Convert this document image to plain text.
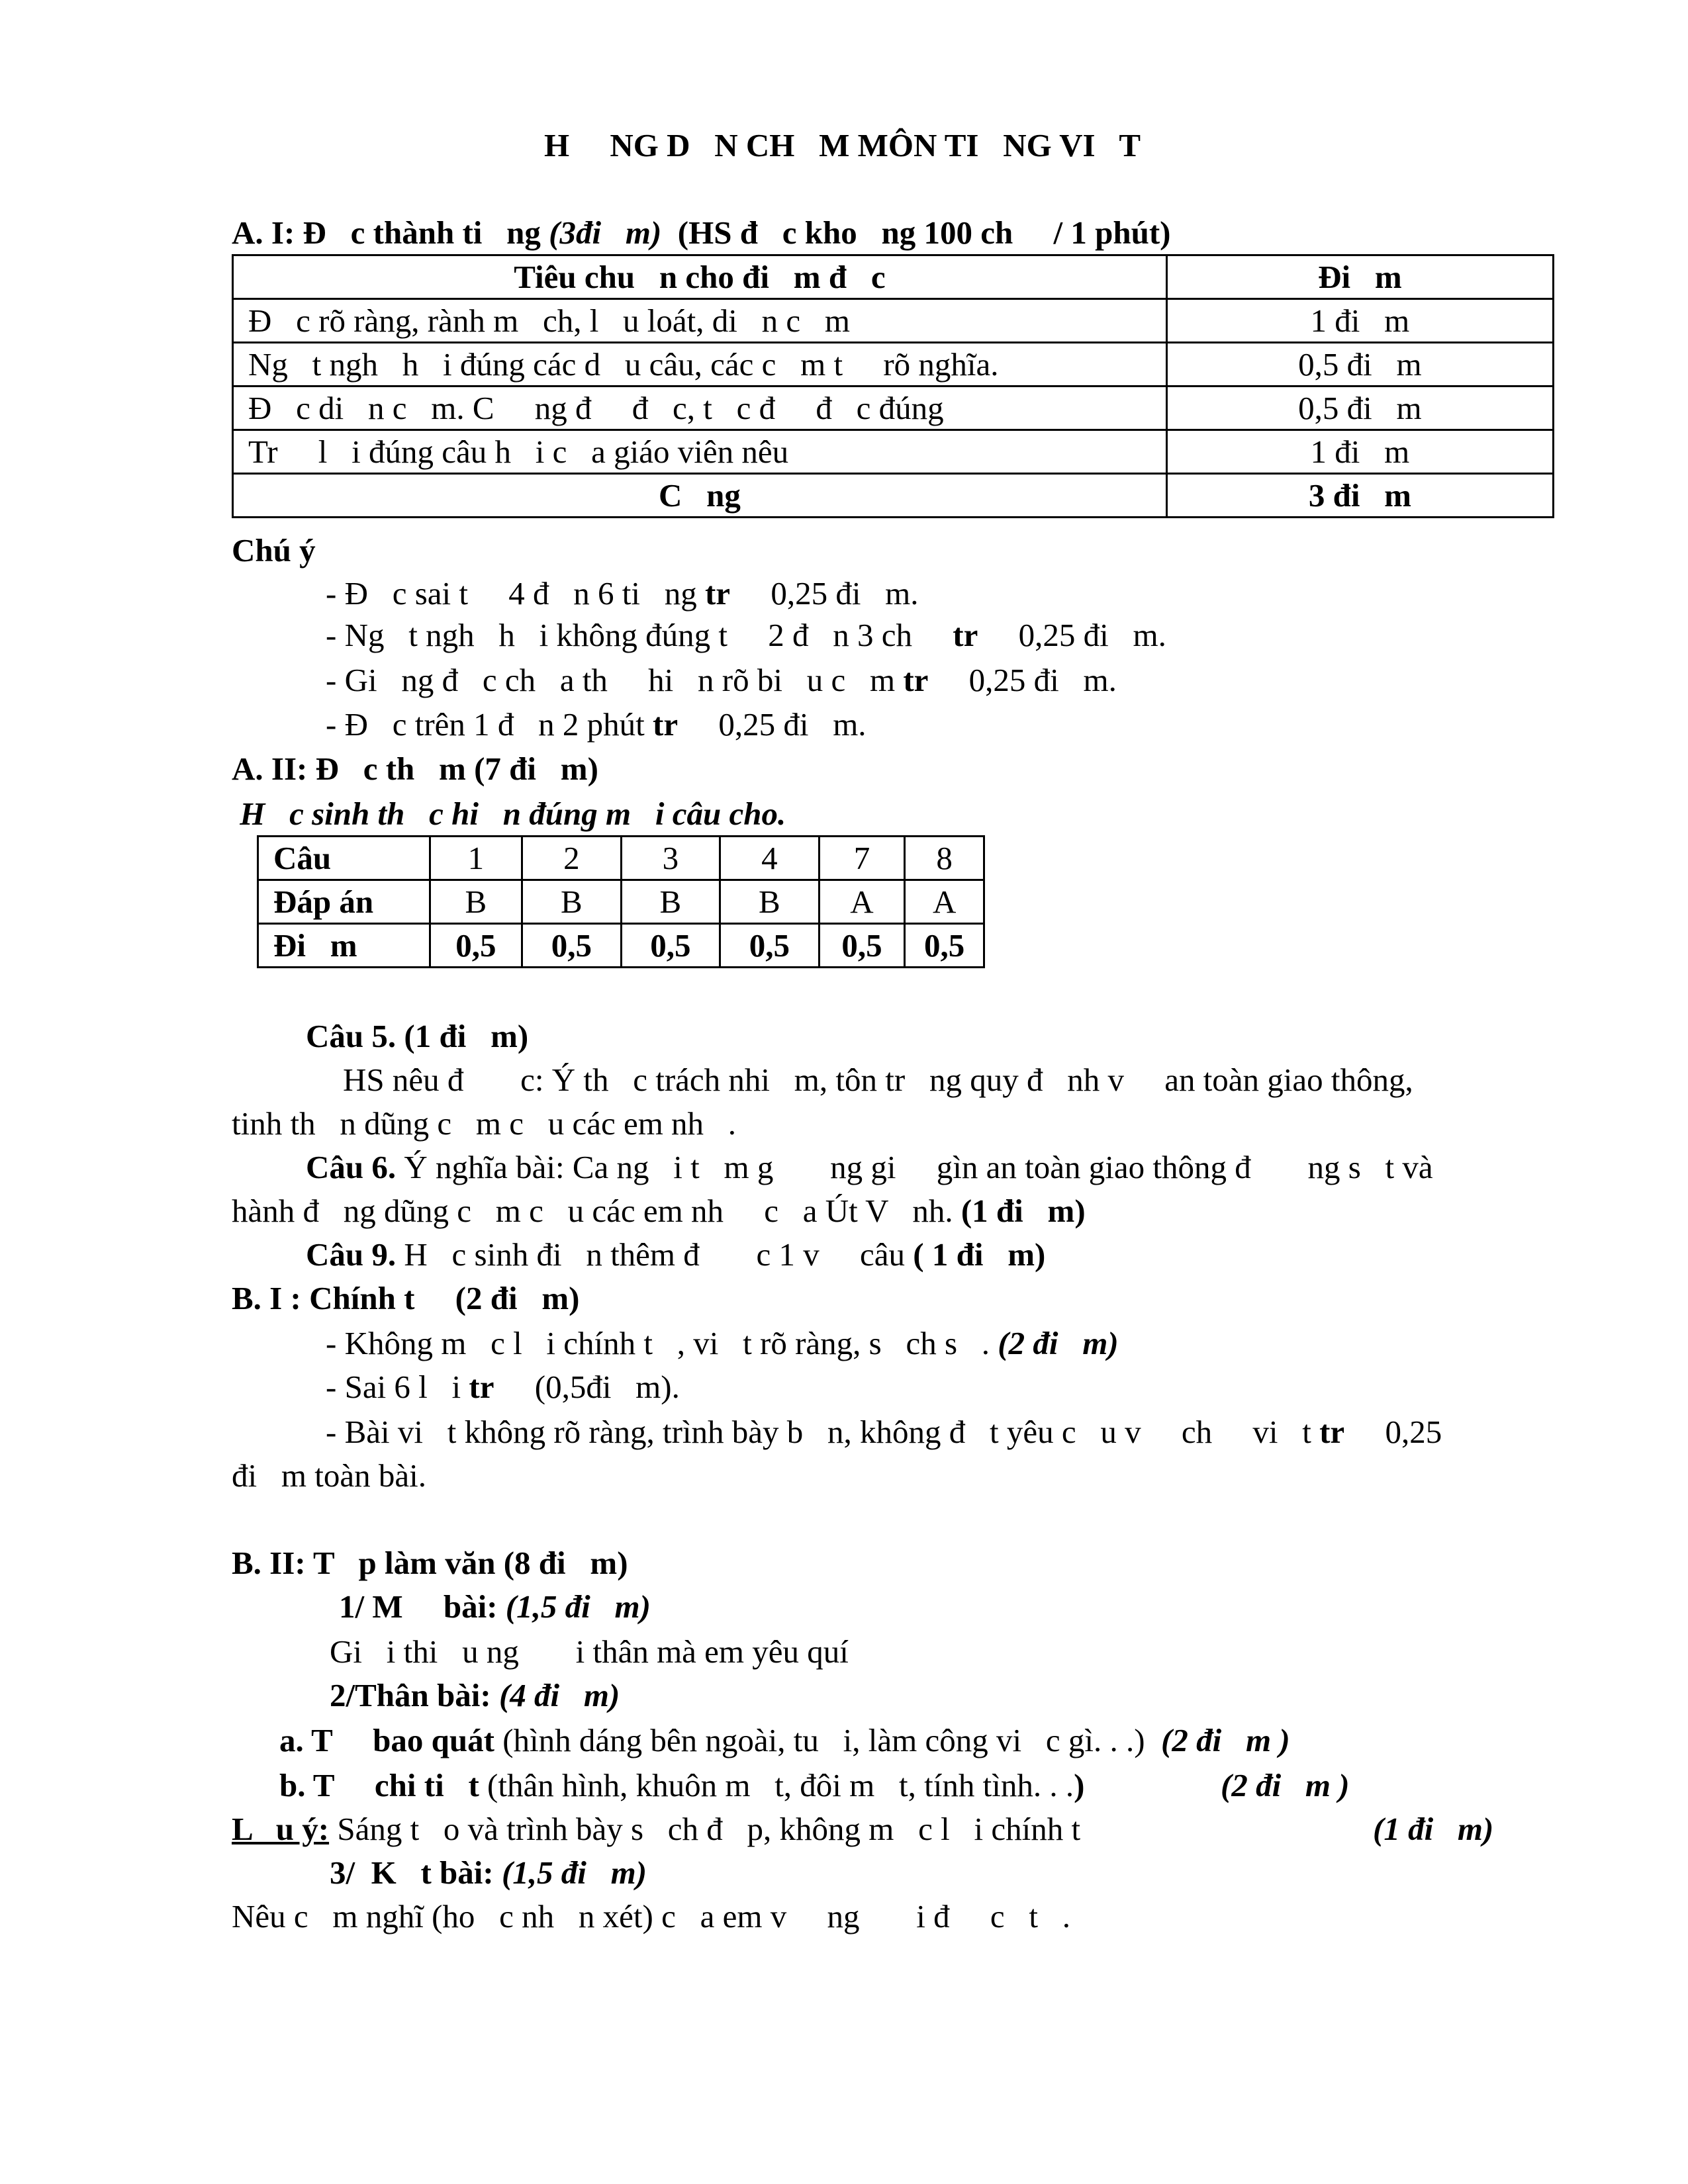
H     NG D   N CH   M MÔN TI   NG VI   T
A. I: Đ   c thành ti   ng (3đi   m)  (HS đ   c kho   ng 100 ch     / 1 phút)
Tiêu chu   n cho đi   m đ   c	Đi   m
Đ   c rõ ràng, rành m   ch, l   u loát, di   n c   m	1 đi   m
Ng   t ngh   h   i đúng các d   u câu, các c   m t     rõ nghĩa.	0,5 đi   m
Đ   c di   n c   m. C     ng đ     đ   c, t   c đ     đ   c đúng	0,5 đi   m
Tr     l   i đúng câu h   i c   a giáo viên nêu	1 đi   m
C   ng	3 đi   m
Chú ý
- Đ   c sai t     4 đ   n 6 ti   ng tr     0,25 đi   m.
- Ng   t ngh   h   i không đúng t     2 đ   n 3 ch     tr     0,25 đi   m.
- Gi   ng đ   c ch   a th     hi   n rõ bi   u c   m tr     0,25 đi   m.
- Đ   c trên 1 đ   n 2 phút tr     0,25 đi   m.
A. II: Đ   c th   m (7 đi   m)
H   c sinh th   c hi   n đúng m   i câu cho.
Câu	1	2	3	4	7	8
Đáp án	B	B	B	B	A	A
Đi   m	0,5	0,5	0,5	0,5	0,5	0,5
Câu 5. (1 đi   m)
HS nêu đ       c: Ý th   c trách nhi   m, tôn tr   ng quy đ   nh v     an toàn giao thông,
tinh th   n dũng c   m c   u các em nh   .
Câu 6. Ý nghĩa bài: Ca ng   i t   m g       ng gi     gìn an toàn giao thông đ       ng s   t và
hành đ   ng dũng c   m c   u các em nh     c   a Út V   nh. (1 đi   m)
Câu 9. H   c sinh đi   n thêm đ       c 1 v     câu ( 1 đi   m)
B. I : Chính t     (2 đi   m)
- Không m   c l   i chính t   , vi   t rõ ràng, s   ch s   . (2 đi   m)
- Sai 6 l   i tr     (0,5đi   m).
- Bài vi   t không rõ ràng, trình bày b   n, không đ   t yêu c   u v     ch     vi   t tr     0,25
đi   m toàn bài.
B. II: T   p làm văn (8 đi   m)
1/ M     bài: (1,5 đi   m)
Gi   i thi   u ng       i thân mà em yêu quí
2/Thân bài: (4 đi   m)
a. T     bao quát (hình dáng bên ngoài, tu   i, làm công vi   c gì. . .)  (2 đi   m )
b. T     chi ti   t (thân hình, khuôn m   t, đôi m   t, tính tình. . .)	(2 đi   m )
L   u ý: Sáng t   o và trình bày s   ch đ   p, không m   c l   i chính t	(1 đi   m)
3/  K   t bài: (1,5 đi   m)
Nêu c   m nghĩ (ho   c nh   n xét) c   a em v     ng       i đ     c   t   .
